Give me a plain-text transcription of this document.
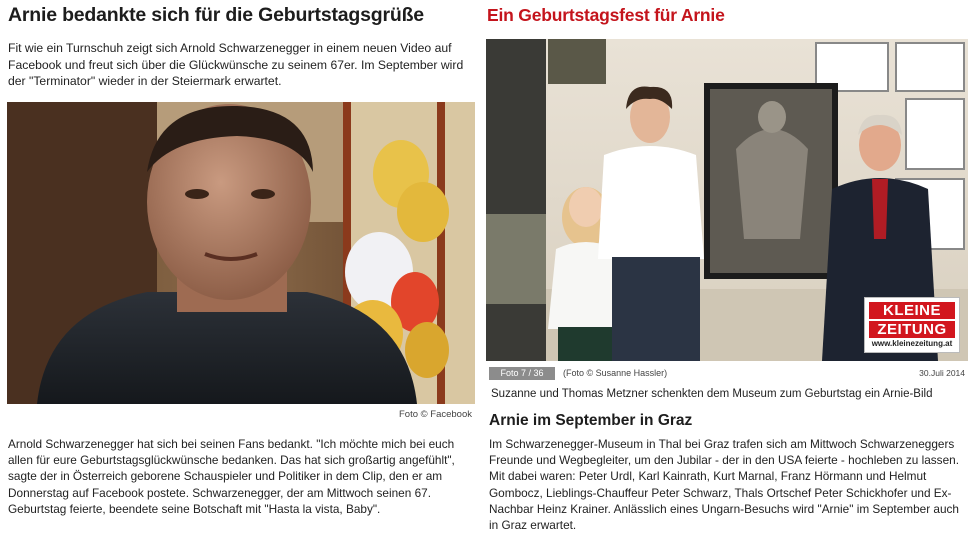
Arnie bedankte sich für die Geburtstagsgrüße
Fit wie ein Turnschuh zeigt sich Arnold Schwarzenegger in einem neuen Video auf Facebook und freut sich über die Glückwünsche zu seinem 67er. Im September wird der "Terminator" wieder in der Steiermark erwartet.
Foto © Facebook
Arnold Schwarzenegger hat sich bei seinen Fans bedankt. "Ich möchte mich bei euch allen für eure Geburtstagsglückwünsche bedanken. Das hat sich großartig angefühlt", sagte der in Österreich geborene Schauspieler und Politiker in dem Clip, den er am Donnerstag auf Facebook postete. Schwarzenegger, der am Mittwoch seinen 67. Geburtstag feierte, beendete seine Botschaft mit "Hasta la vista, Baby".
Ein Geburtstagsfest für Arnie
KLEINE
ZEITUNG
www.kleinezeitung.at
Foto 7 / 36	(Foto © Susanne Hassler)	30.Juli 2014
Suzanne und Thomas Metzner schenkten dem Museum zum Geburtstag ein Arnie-Bild
Arnie im September in Graz
Im Schwarzenegger-Museum in Thal bei Graz trafen sich am Mittwoch Schwarzeneggers Freunde und Wegbegleiter, um den Jubilar - der in den USA feierte - hochleben zu lassen. Mit dabei waren: Peter Urdl, Karl Kainrath, Kurt Marnal, Franz Hörmann und Helmut Gombocz, Lieblings-Chauffeur Peter Schwarz, Thals Ortschef Peter Schickhofer und Ex-Nachbar Heinz Krainer. Anlässlich eines Ungarn-Besuchs wird "Arnie" im September auch in Graz erwartet.
